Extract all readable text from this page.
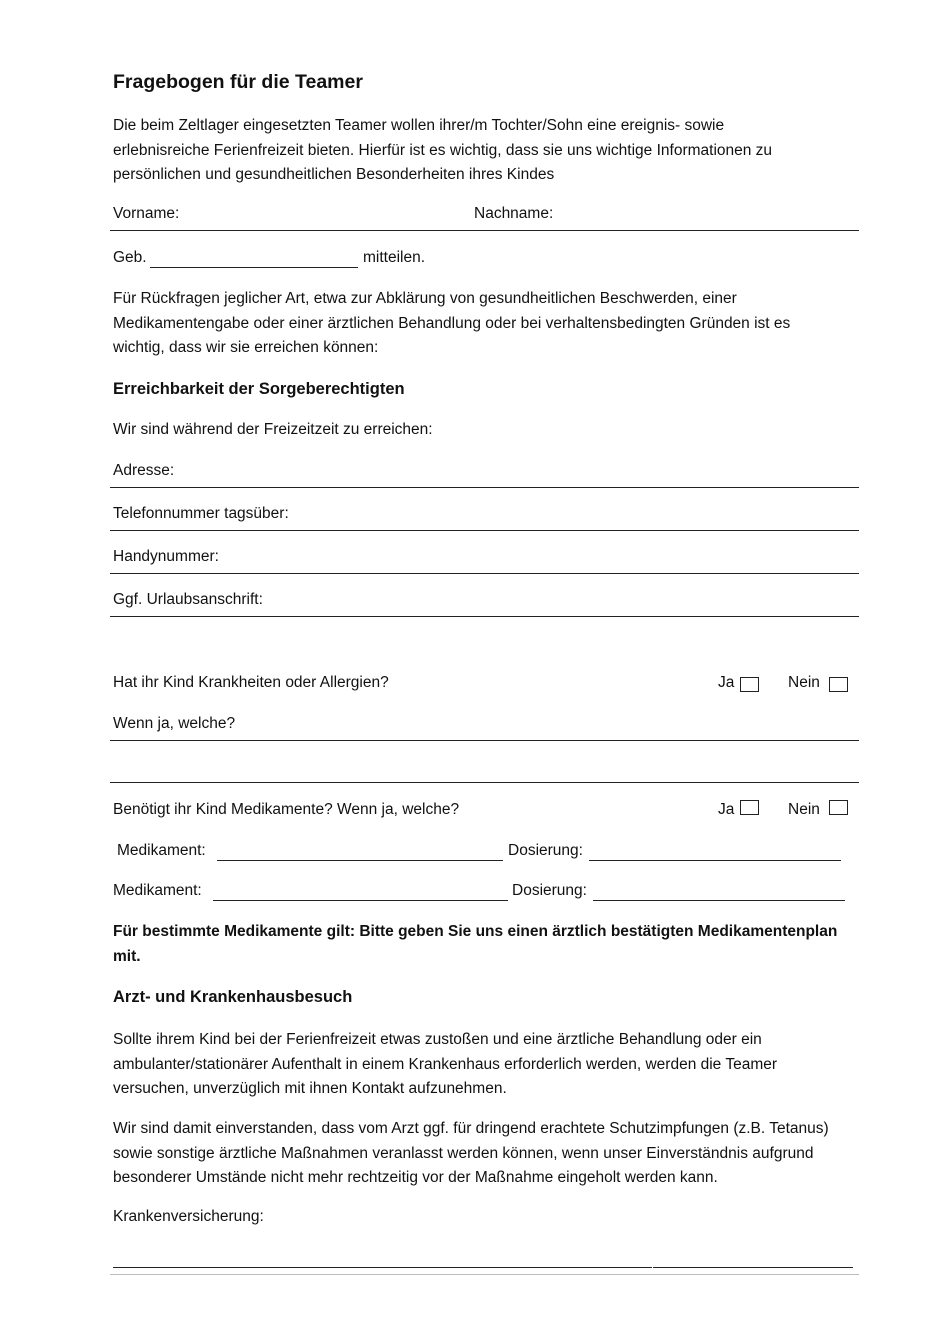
Fragebogen für die Teamer
Die beim Zeltlager eingesetzten Teamer wollen ihrer/m Tochter/Sohn eine ereignis- sowie
erlebnisreiche Ferienfreizeit bieten. Hierfür ist es wichtig, dass sie uns wichtige Informationen zu
persönlichen und gesundheitlichen Besonderheiten ihres Kindes
Vorname:	Nachname:
Geb.	mitteilen.
Für Rückfragen jeglicher Art, etwa zur Abklärung von gesundheitlichen Beschwerden, einer
Medikamentengabe oder einer ärztlichen Behandlung oder bei verhaltensbedingten Gründen ist es
wichtig, dass wir sie erreichen können:
Erreichbarkeit der Sorgeberechtigten
Wir sind während der Freizeitzeit zu erreichen:
Adresse:
Telefonnummer tagsüber:
Handynummer:
Ggf. Urlaubsanschrift:
Hat ihr Kind Krankheiten oder Allergien?	Ja	Nein
Wenn ja, welche?
Benötigt ihr Kind Medikamente? Wenn ja, welche?	Ja	Nein
Medikament:	Dosierung:
Medikament:	Dosierung:
Für bestimmte Medikamente gilt: Bitte geben Sie uns einen ärztlich bestätigten Medikamentenplan
mit.
Arzt- und Krankenhausbesuch
Sollte ihrem Kind bei der Ferienfreizeit etwas zustoßen und eine ärztliche Behandlung oder ein
ambulanter/stationärer Aufenthalt in einem Krankenhaus erforderlich werden, werden die Teamer
versuchen, unverzüglich mit ihnen Kontakt aufzunehmen.
Wir sind damit einverstanden, dass vom Arzt ggf. für dringend erachtete Schutzimpfungen (z.B. Tetanus)
sowie sonstige ärztliche Maßnahmen veranlasst werden können, wenn unser Einverständnis aufgrund
besonderer Umstände nicht mehr rechtzeitig vor der Maßnahme eingeholt werden kann.
Krankenversicherung:
